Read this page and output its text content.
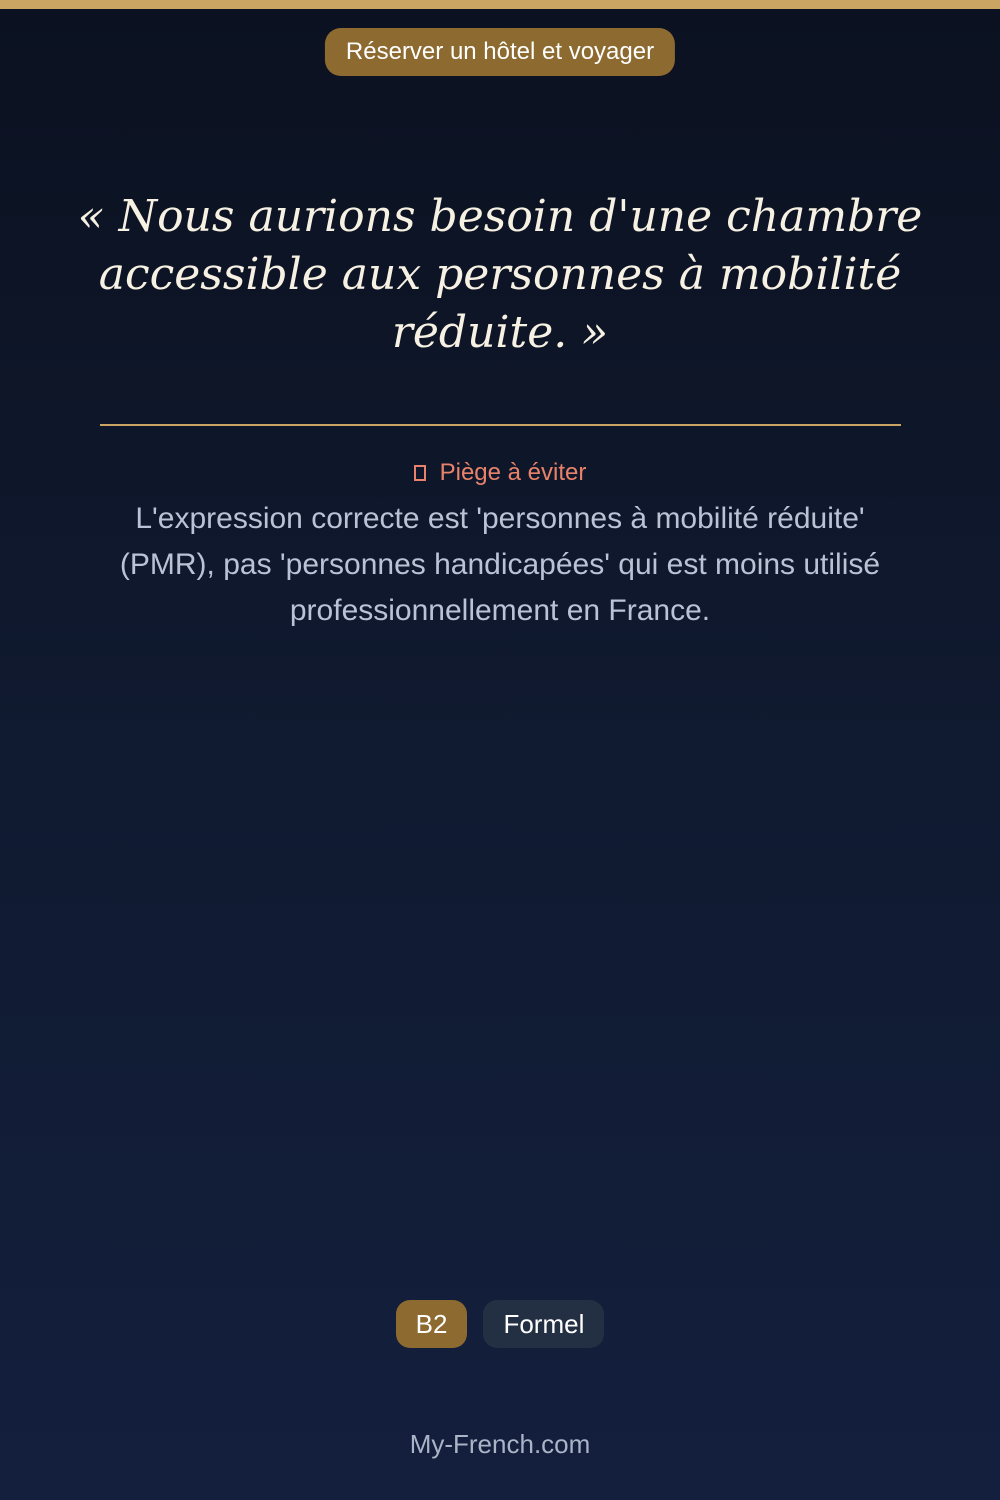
Réserver un hôtel et voyager

« Nous aurions besoin d'une chambre accessible aux personnes à mobilité réduite. »

Piège à éviter

L'expression correcte est 'personnes à mobilité réduite' (PMR), pas 'personnes handicapées' qui est moins utilisé professionnellement en France.

B2	Formel
My-French.com
